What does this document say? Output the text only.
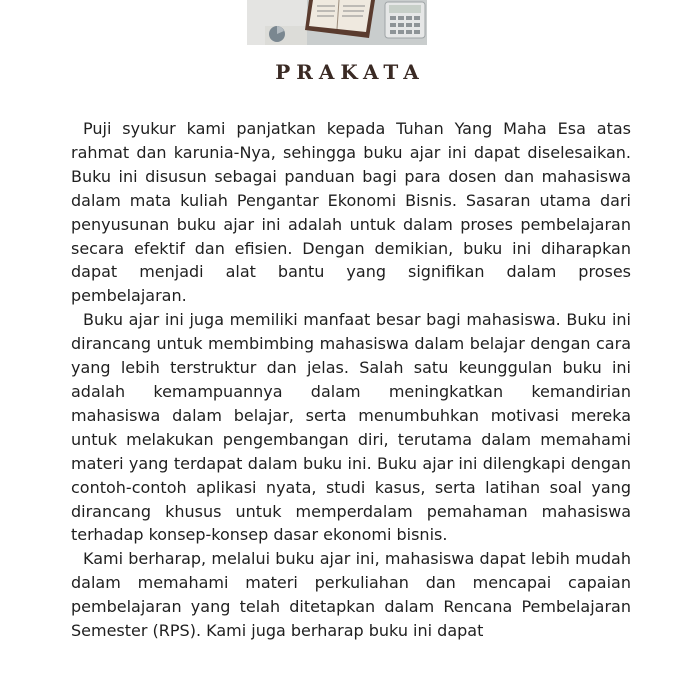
PRAKATA

Puji syukur kami panjatkan kepada Tuhan Yang Maha Esa atas rahmat dan karunia-Nya, sehingga buku ajar ini dapat diselesaikan. Buku ini disusun sebagai panduan bagi para dosen dan mahasiswa dalam mata kuliah Pengantar Ekonomi Bisnis. Sasaran utama dari penyusunan buku ajar ini adalah untuk dalam proses pembelajaran secara efektif dan efisien. Dengan demikian, buku ini diharapkan dapat menjadi alat bantu yang signifikan dalam proses pembelajaran.

Buku ajar ini juga memiliki manfaat besar bagi mahasiswa. Buku ini dirancang untuk membimbing mahasiswa dalam belajar dengan cara yang lebih terstruktur dan jelas. Salah satu keunggulan buku ini adalah kemampuannya dalam meningkatkan kemandirian mahasiswa dalam belajar, serta menumbuhkan motivasi mereka untuk melakukan pengembangan diri, terutama dalam memahami materi yang terdapat dalam buku ini. Buku ajar ini dilengkapi dengan contoh-contoh aplikasi nyata, studi kasus, serta latihan soal yang dirancang khusus untuk memperdalam pemahaman mahasiswa terhadap konsep-konsep dasar ekonomi bisnis.

Kami berharap, melalui buku ajar ini, mahasiswa dapat lebih mudah dalam memahami materi perkuliahan dan mencapai capaian pembelajaran yang telah ditetapkan dalam Rencana Pembelajaran Semester (RPS). Kami juga berharap buku ini dapat
